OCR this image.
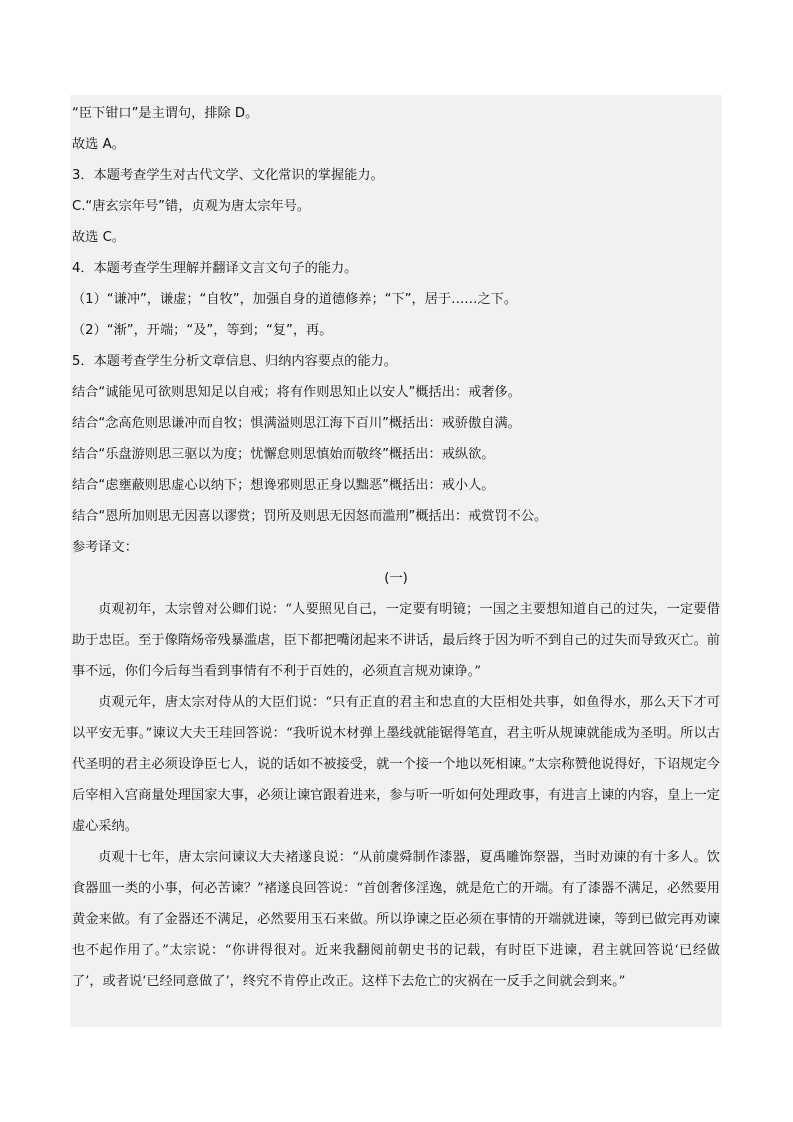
“臣下钳口”是主谓句，排除 D。
故选 A。
3．本题考查学生对古代文学、文化常识的掌握能力。
C.“唐玄宗年号”错，贞观为唐太宗年号。
故选 C。
4．本题考查学生理解并翻译文言文句子的能力。
（1）“谦冲”，谦虚；“自牧”，加强自身的道德修养；“下”，居于……之下。
（2）“渐”，开端；“及”，等到；“复”，再。
5．本题考查学生分析文章信息、归纳内容要点的能力。
结合“诚能见可欲则思知足以自戒；将有作则思知止以安人”概括出：戒奢侈。
结合“念高危则思谦冲而自牧；惧满溢则思江海下百川”概括出：戒骄傲自满。
结合“乐盘游则思三驱以为度；忧懈怠则思慎始而敬终”概括出：戒纵欲。
结合“虑壅蔽则思虚心以纳下；想谗邪则思正身以黜恶”概括出：戒小人。
结合“恩所加则思无因喜以谬赏；罚所及则思无因怒而滥刑”概括出：戒赏罚不公。
参考译文：
(一)

贞观初年，太宗曾对公卿们说：“人要照见自己，一定要有明镜；一国之主要想知道自己的过失，一定要借助于忠臣。至于像隋炀帝残暴滥虐，臣下都把嘴闭起来不讲话，最后终于因为听不到自己的过失而导致灭亡。前事不远，你们今后每当看到事情有不利于百姓的，必须直言规劝谏诤。”

贞观元年，唐太宗对侍从的大臣们说：“只有正直的君主和忠直的大臣相处共事，如鱼得水，那么天下才可以平安无事。”谏议大夫王珪回答说：“我听说木材弹上墨线就能锯得笔直，君主听从规谏就能成为圣明。所以古代圣明的君主必须设诤臣七人，说的话如不被接受，就一个接一个地以死相谏。”太宗称赞他说得好，下诏规定今后宰相入宫商量处理国家大事，必须让谏官跟着进来，参与听一听如何处理政事，有进言上谏的内容，皇上一定虚心采纳。

贞观十七年，唐太宗问谏议大夫褚遂良说：“从前虞舜制作漆器，夏禹雕饰祭器，当时劝谏的有十多人。饮食器皿一类的小事，何必苦谏？”褚遂良回答说：“首创奢侈淫逸，就是危亡的开端。有了漆器不满足，必然要用黄金来做。有了金器还不满足，必然要用玉石来做。所以诤谏之臣必须在事情的开端就进谏，等到已做完再劝谏也不起作用了。”太宗说：“你讲得很对。近来我翻阅前朝史书的记载，有时臣下进谏，君主就回答说‘已经做了’，或者说‘已经同意做了’，终究不肯停止改正。这样下去危亡的灾祸在一反手之间就会到来。”
